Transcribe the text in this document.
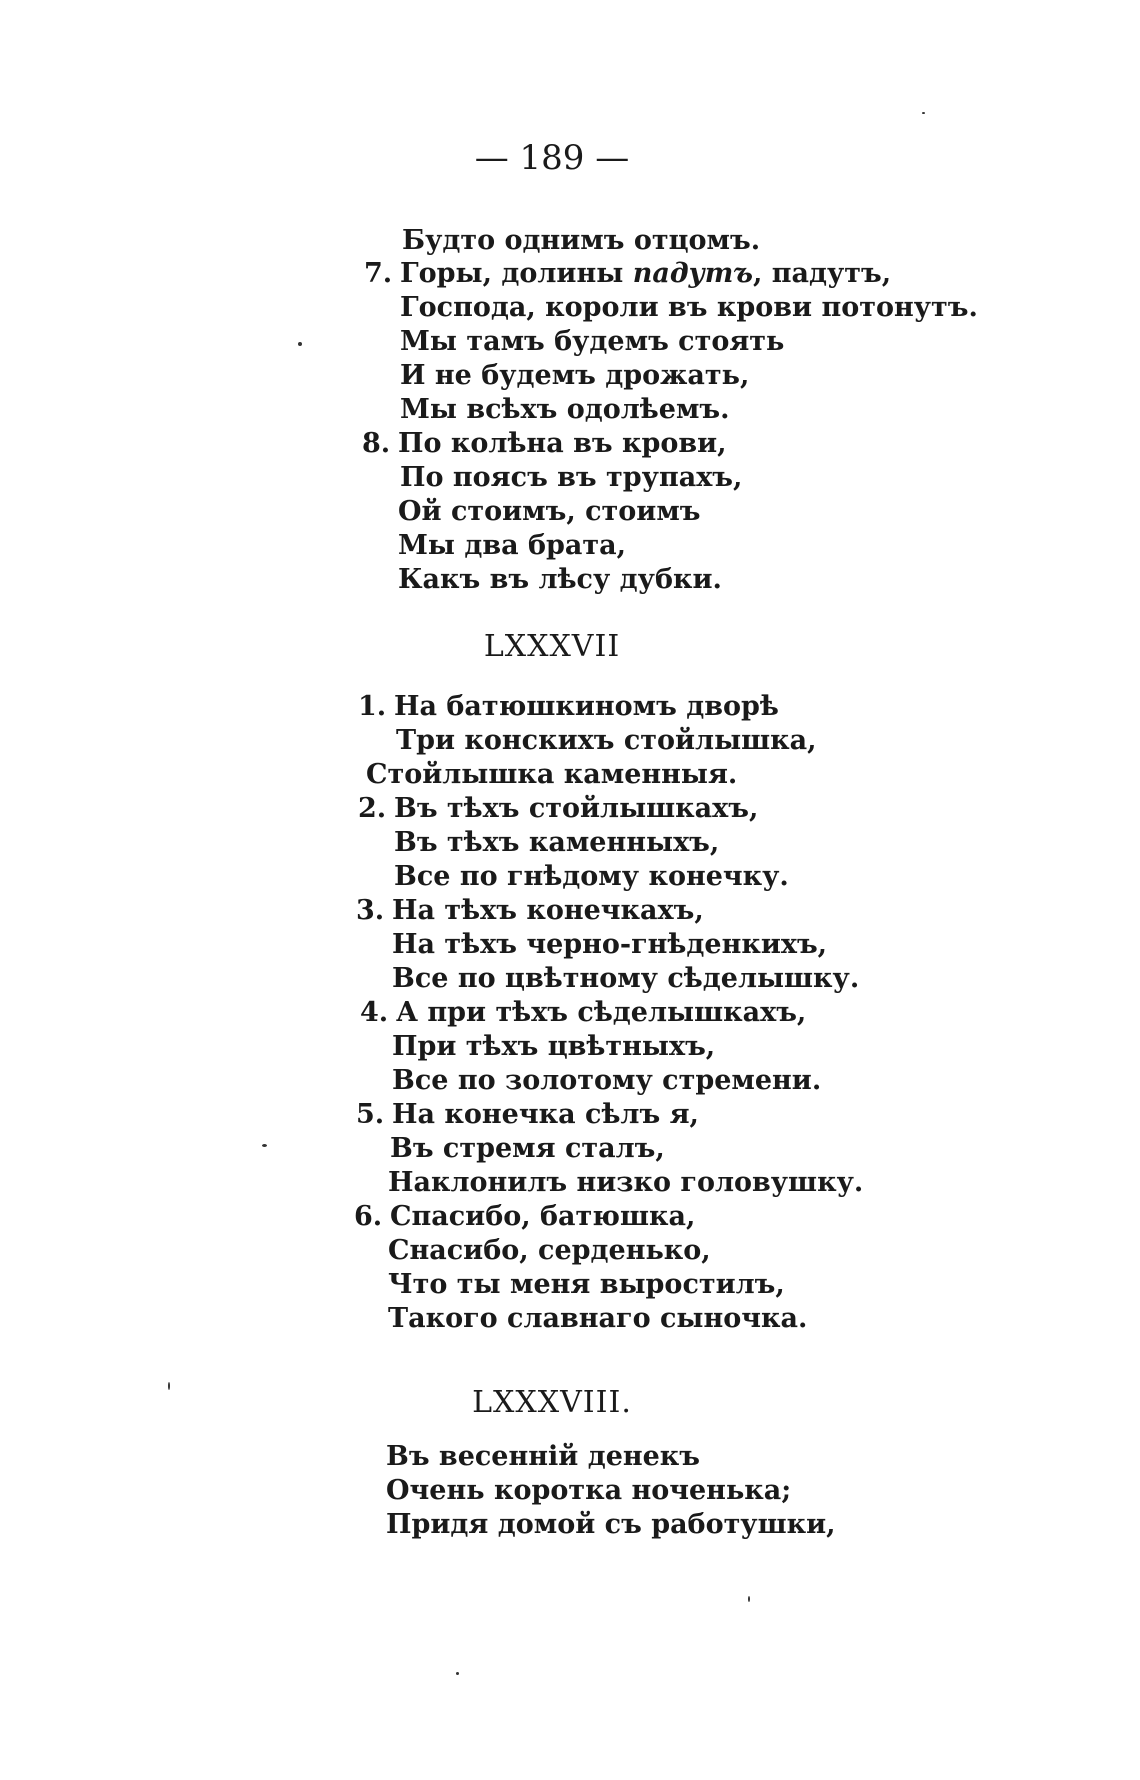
— 189 —
Будто однимъ отцомъ.
7. Горы, долины падутъ, падутъ,
Господа, короли въ крови потонутъ.
Мы тамъ будемъ стоять
И не будемъ дрожать,
Мы всѣхъ одолѣемъ.
8. По колѣна въ крови,
По поясъ въ трупахъ,
Ой стоимъ, стоимъ
Мы два брата,
Какъ въ лѣсу дубки.
LXXXVII
1. На батюшкиномъ дворѣ
Три конскихъ стойлышка,
Стойлышка каменныя.
2. Въ тѣхъ стойлышкахъ,
Въ тѣхъ каменныхъ,
Все по гнѣдому конечку.
3. На тѣхъ конечкахъ,
На тѣхъ черно-гнѣденкихъ,
Все по цвѣтному сѣделышку.
4. А при тѣхъ сѣделышкахъ,
При тѣхъ цвѣтныхъ,
Все по золотому стремени.
5. На конечка сѣлъ я,
Въ стремя сталъ,
Наклонилъ низко головушку.
6. Спасибо, батюшка,
Снасибо, серденько,
Что ты меня выростилъ,
Такого славнаго сыночка.
LXXXVIII.
Въ весенній денекъ
Очень коротка ноченька;
Придя домой съ работушки,
